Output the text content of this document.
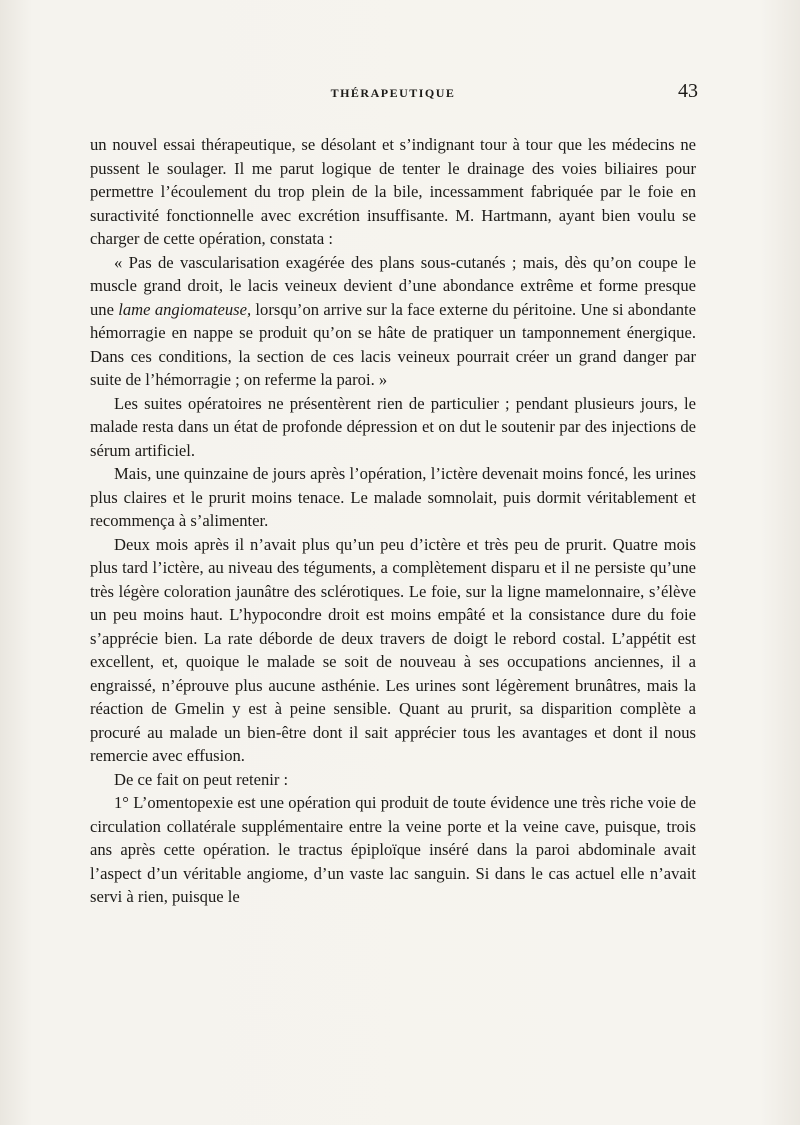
THÉRAPEUTIQUE	43

un nouvel essai thérapeutique, se désolant et s’indignant tour à tour que les médecins ne pussent le soulager. Il me parut logique de tenter le drainage des voies biliaires pour permettre l’écoulement du trop plein de la bile, incessamment fabriquée par le foie en suractivité fonctionnelle avec excrétion insuffisante. M. Hartmann, ayant bien voulu se charger de cette opération, constata :

« Pas de vascularisation exagérée des plans sous-cutanés ; mais, dès qu’on coupe le muscle grand droit, le lacis veineux devient d’une abondance extrême et forme presque une lame angiomateuse, lorsqu’on arrive sur la face externe du péritoine. Une si abondante hémorragie en nappe se produit qu’on se hâte de pratiquer un tamponnement énergique. Dans ces conditions, la section de ces lacis veineux pourrait créer un grand danger par suite de l’hémorragie ; on referme la paroi. »

Les suites opératoires ne présentèrent rien de particulier ; pendant plusieurs jours, le malade resta dans un état de profonde dépression et on dut le soutenir par des injections de sérum artificiel.

Mais, une quinzaine de jours après l’opération, l’ictère devenait moins foncé, les urines plus claires et le prurit moins tenace. Le malade somnolait, puis dormit véritablement et recommença à s’alimenter.

Deux mois après il n’avait plus qu’un peu d’ictère et très peu de prurit. Quatre mois plus tard l’ictère, au niveau des téguments, a complètement disparu et il ne persiste qu’une très légère coloration jaunâtre des sclérotiques. Le foie, sur la ligne mamelonnaire, s’élève un peu moins haut. L’hypocondre droit est moins empâté et la consistance dure du foie s’apprécie bien. La rate déborde de deux travers de doigt le rebord costal. L’appétit est excellent, et, quoique le malade se soit de nouveau à ses occupations anciennes, il a engraissé, n’éprouve plus aucune asthénie. Les urines sont légèrement brunâtres, mais la réaction de Gmelin y est à peine sensible. Quant au prurit, sa disparition complète a procuré au malade un bien-être dont il sait apprécier tous les avantages et dont il nous remercie avec effusion.

De ce fait on peut retenir :

1° L’omentopexie est une opération qui produit de toute évidence une très riche voie de circulation collatérale supplémentaire entre la veine porte et la veine cave, puisque, trois ans après cette opération. le tractus épiploïque inséré dans la paroi abdominale avait l’aspect d’un véritable angiome, d’un vaste lac sanguin. Si dans le cas actuel elle n’avait servi à rien, puisque le
